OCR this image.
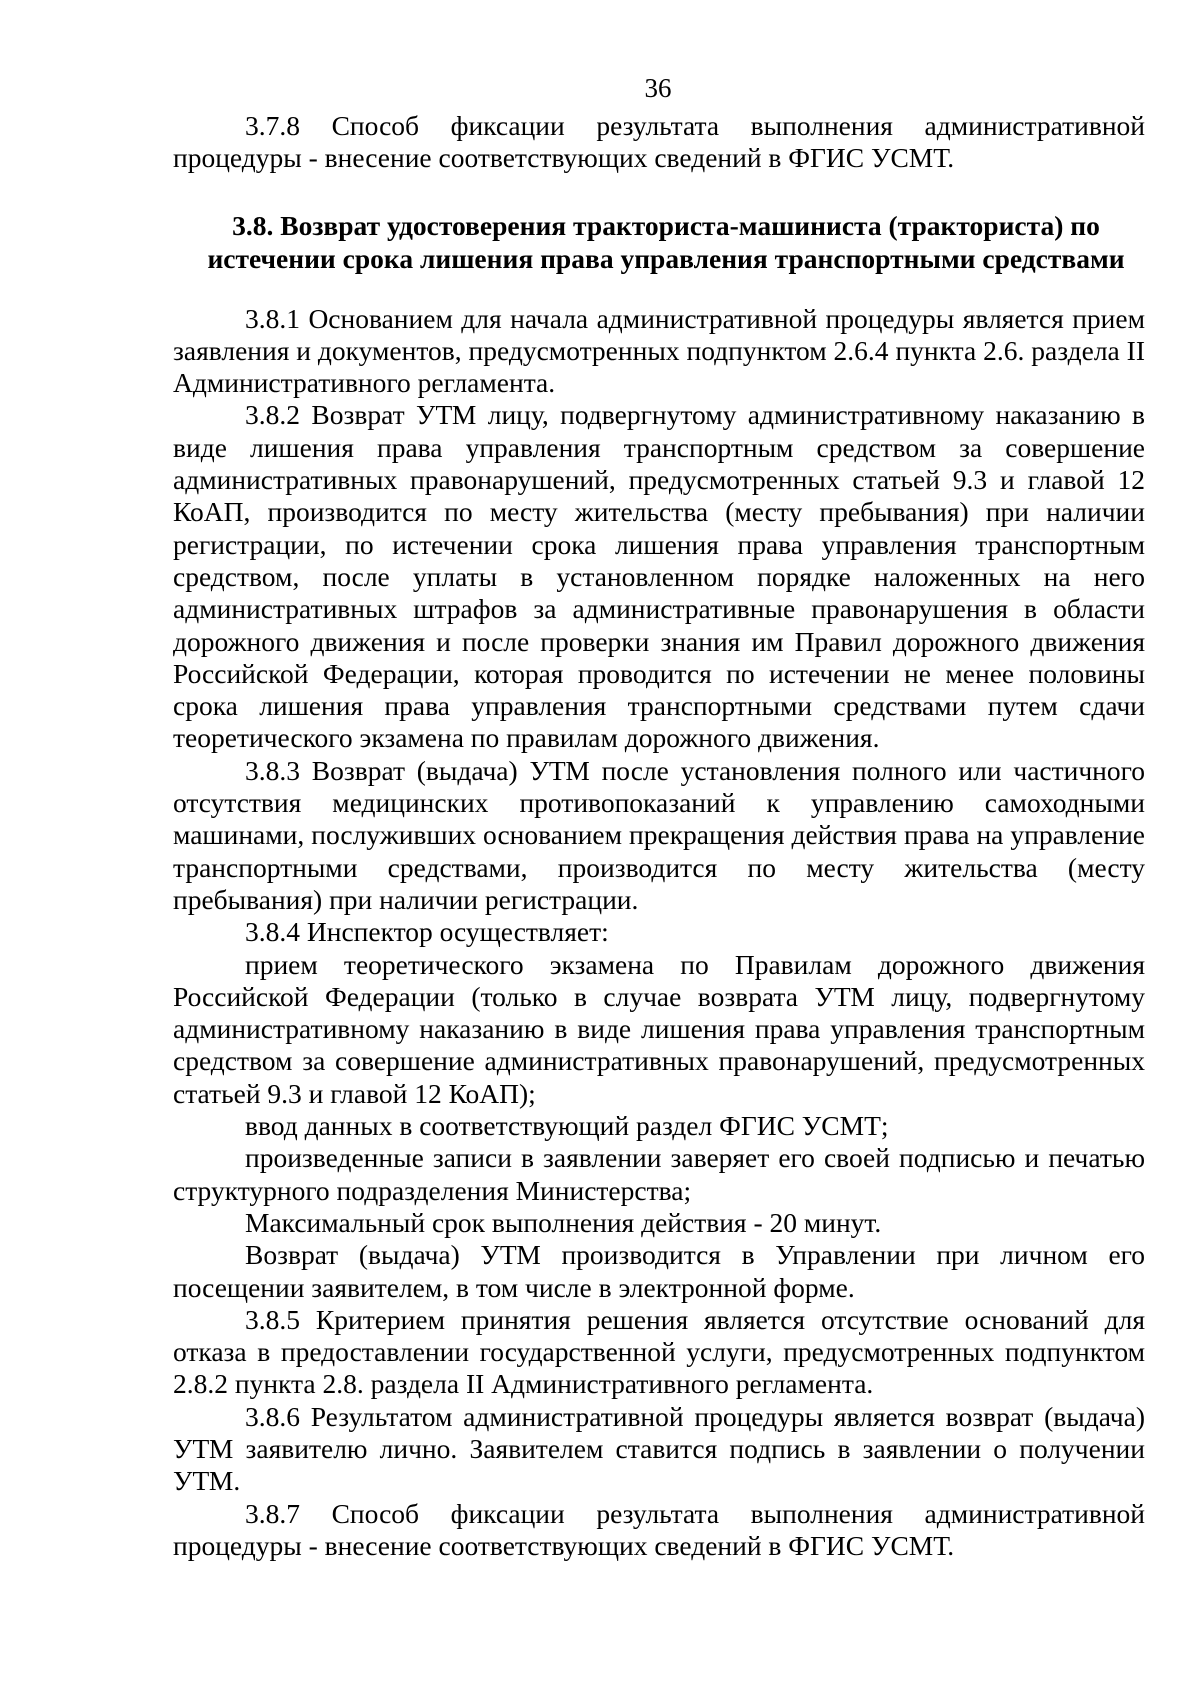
36

3.7.8 Способ фиксации результата выполнения административной процедуры - внесение соответствующих сведений в ФГИС УСМТ.

3.8. Возврат удостоверения тракториста-машиниста (тракториста) по
истечении срока лишения права управления транспортными средствами

3.8.1 Основанием для начала административной процедуры является прием заявления и документов, предусмотренных подпунктом 2.6.4 пункта 2.6. раздела II Административного регламента.

3.8.2 Возврат УТМ лицу, подвергнутому административному наказанию в виде лишения права управления транспортным средством за совершение административных правонарушений, предусмотренных статьей 9.3 и главой 12 КоАП, производится по месту жительства (месту пребывания) при наличии регистрации, по истечении срока лишения права управления транспортным средством, после уплаты в установленном порядке наложенных на него административных штрафов за административные правонарушения в области дорожного движения и после проверки знания им Правил дорожного движения Российской Федерации, которая проводится по истечении не менее половины срока лишения права управления транспортными средствами путем сдачи теоретического экзамена по правилам дорожного движения.

3.8.3 Возврат (выдача) УТМ после установления полного или частичного отсутствия медицинских противопоказаний к управлению самоходными машинами, послуживших основанием прекращения действия права на управление транспортными средствами, производится по месту жительства (месту пребывания) при наличии регистрации.

3.8.4 Инспектор осуществляет:

прием теоретического экзамена по Правилам дорожного движения Российской Федерации (только в случае возврата УТМ лицу, подвергнутому административному наказанию в виде лишения права управления транспортным средством за совершение административных правонарушений, предусмотренных статьей 9.3 и главой 12 КоАП);

ввод данных в соответствующий раздел ФГИС УСМТ;

произведенные записи в заявлении заверяет его своей подписью и печатью структурного подразделения Министерства;

Максимальный срок выполнения действия - 20 минут.

Возврат (выдача) УТМ производится в Управлении при личном его посещении заявителем, в том числе в электронной форме.

3.8.5 Критерием принятия решения является отсутствие оснований для отказа в предоставлении государственной услуги, предусмотренных подпунктом 2.8.2 пункта 2.8. раздела II Административного регламента.

3.8.6 Результатом административной процедуры является возврат (выдача) УТМ заявителю лично. Заявителем ставится подпись в заявлении о получении УТМ.

3.8.7 Способ фиксации результата выполнения административной процедуры - внесение соответствующих сведений в ФГИС УСМТ.
